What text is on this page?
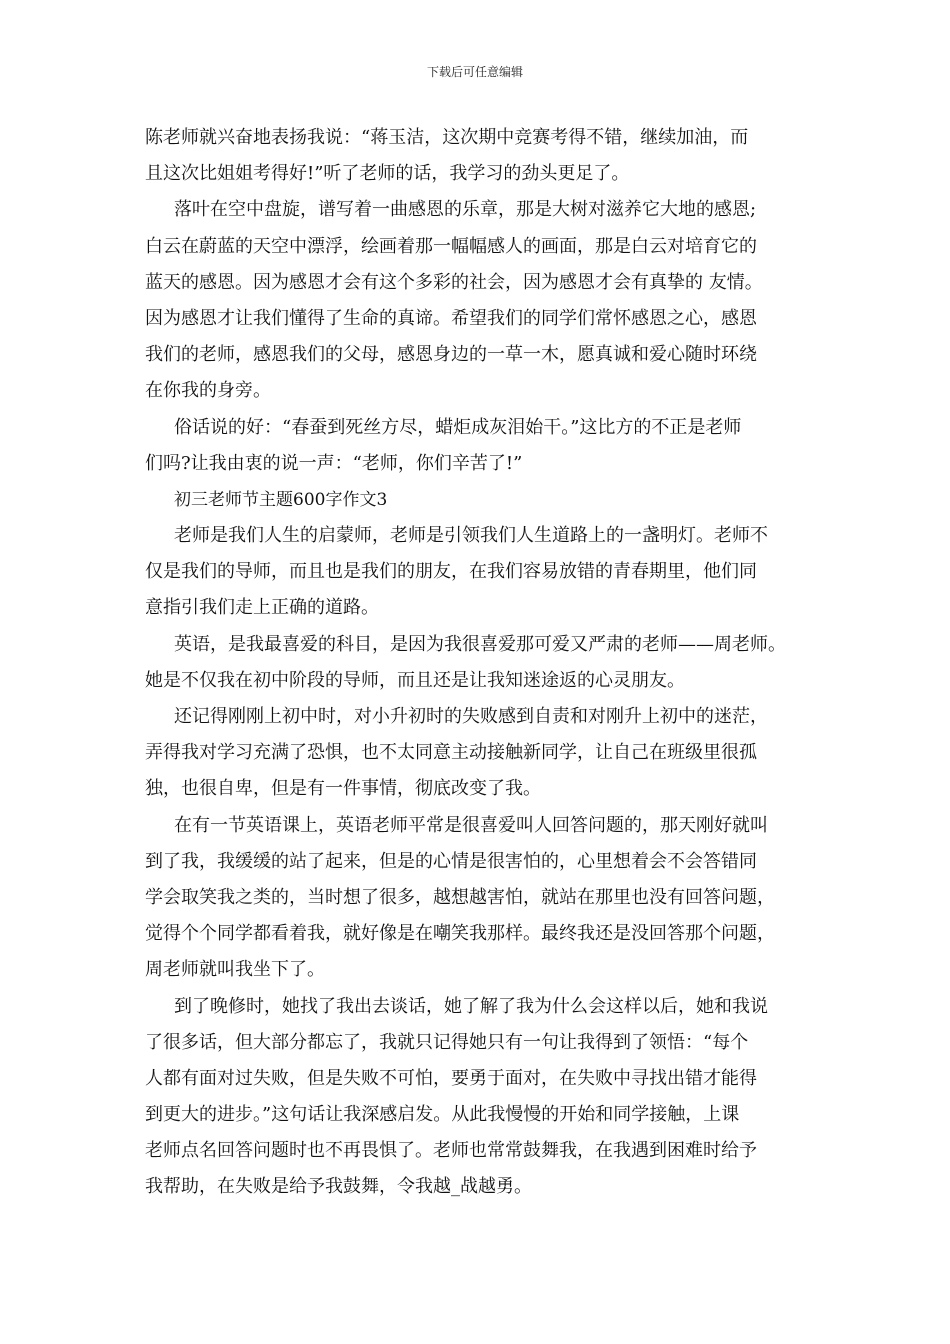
下载后可任意编辑
陈老师就兴奋地表扬我说：“蒋玉洁，这次期中竞赛考得不错，继续加油，而
且这次比姐姐考得好!”听了老师的话，我学习的劲头更足了。
落叶在空中盘旋，谱写着一曲感恩的乐章，那是大树对滋养它大地的感恩;
白云在蔚蓝的天空中漂浮，绘画着那一幅幅感人的画面，那是白云对培育它的
蓝天的感恩。因为感恩才会有这个多彩的社会，因为感恩才会有真挚的 友情。
因为感恩才让我们懂得了生命的真谛。希望我们的同学们常怀感恩之心，感恩
我们的老师，感恩我们的父母，感恩身边的一草一木，愿真诚和爱心随时环绕
在你我的身旁。
俗话说的好：“春蚕到死丝方尽，蜡炬成灰泪始干。”这比方的不正是老师
们吗?让我由衷的说一声：“老师，你们辛苦了!”
初三老师节主题600字作文3
老师是我们人生的启蒙师，老师是引领我们人生道路上的一盏明灯。老师不
仅是我们的导师，而且也是我们的朋友，在我们容易放错的青春期里，他们同
意指引我们走上正确的道路。
英语，是我最喜爱的科目，是因为我很喜爱那可爱又严肃的老师——周老师。
她是不仅我在初中阶段的导师，而且还是让我知迷途返的心灵朋友。
还记得刚刚上初中时，对小升初时的失败感到自责和对刚升上初中的迷茫，
弄得我对学习充满了恐惧，也不太同意主动接触新同学，让自己在班级里很孤
独，也很自卑，但是有一件事情，彻底改变了我。
在有一节英语课上，英语老师平常是很喜爱叫人回答问题的，那天刚好就叫
到了我，我缓缓的站了起来，但是的心情是很害怕的，心里想着会不会答错同
学会取笑我之类的，当时想了很多，越想越害怕，就站在那里也没有回答问题，
觉得个个同学都看着我，就好像是在嘲笑我那样。最终我还是没回答那个问题，
周老师就叫我坐下了。
到了晚修时，她找了我出去谈话，她了解了我为什么会这样以后，她和我说
了很多话，但大部分都忘了，我就只记得她只有一句让我得到了领悟：“每个
人都有面对过失败，但是失败不可怕，要勇于面对，在失败中寻找出错才能得
到更大的进步。”这句话让我深感启发。从此我慢慢的开始和同学接触，上课
老师点名回答问题时也不再畏惧了。老师也常常鼓舞我，在我遇到困难时给予
我帮助，在失败是给予我鼓舞，令我越_战越勇。
